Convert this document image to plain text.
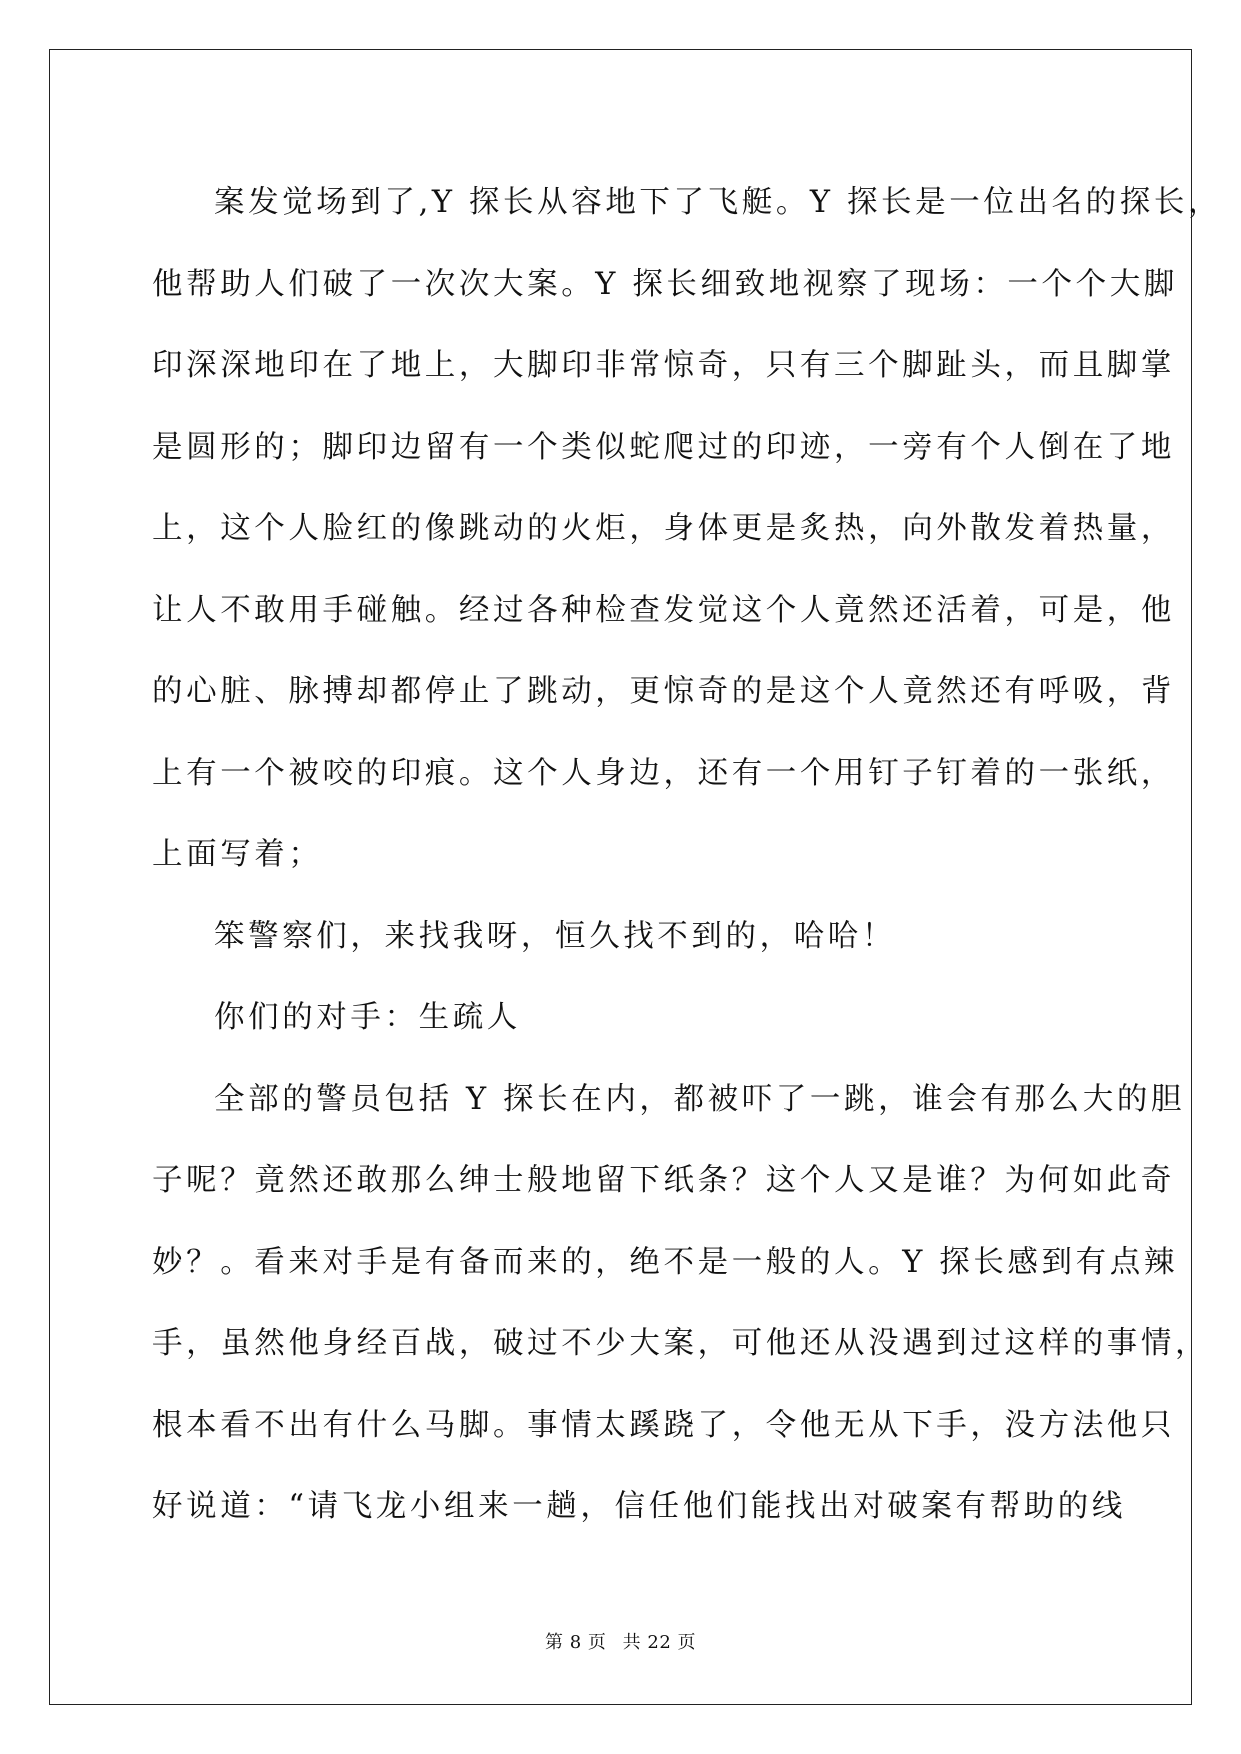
案发觉场到了,Y 探长从容地下了飞艇。Y 探长是一位出名的探长，
他帮助人们破了一次次大案。Y 探长细致地视察了现场：一个个大脚
印深深地印在了地上，大脚印非常惊奇，只有三个脚趾头，而且脚掌
是圆形的；脚印边留有一个类似蛇爬过的印迹，一旁有个人倒在了地
上，这个人脸红的像跳动的火炬，身体更是炙热，向外散发着热量，
让人不敢用手碰触。经过各种检查发觉这个人竟然还活着，可是，他
的心脏、脉搏却都停止了跳动，更惊奇的是这个人竟然还有呼吸，背
上有一个被咬的印痕。这个人身边，还有一个用钉子钉着的一张纸，
上面写着；
笨警察们，来找我呀，恒久找不到的，哈哈！
你们的对手：生疏人
全部的警员包括 Y 探长在内，都被吓了一跳，谁会有那么大的胆
子呢？竟然还敢那么绅士般地留下纸条？这个人又是谁？为何如此奇
妙？。看来对手是有备而来的，绝不是一般的人。Y 探长感到有点辣
手，虽然他身经百战，破过不少大案，可他还从没遇到过这样的事情，
根本看不出有什么马脚。事情太蹊跷了，令他无从下手，没方法他只
好说道：“请飞龙小组来一趟，信任他们能找出对破案有帮助的线
第 8 页 共 22 页
